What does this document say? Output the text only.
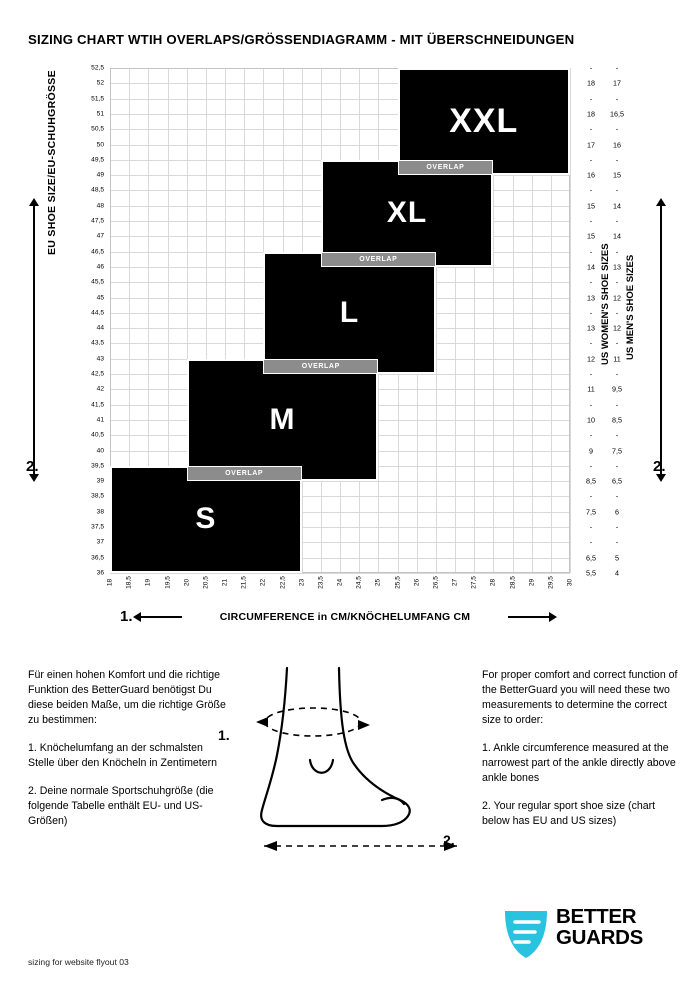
SIZING CHART WTIH OVERLAPS/GRÖSSENDIAGRAMM - MIT ÜBERSCHNEIDUNGEN
S
M
L
XL
XXL
OVERLAP
OVERLAP
OVERLAP
OVERLAP
52,5
52
51,5
51
50,5
50
49,5
49
48,5
48
47,5
47
46,5
46
45,5
45
44,5
44
43,5
43
42,5
42
41,5
41
40,5
40
39,5
39
38,5
38
37,5
37
36,5
36
18 18,5 19 19,5 20 20,5 21 21,5 22 22,5 23 23,5 24 24,5 25 25,5 26 26,5 27 27,5 28 28,5 29 29,5 30
-
18
-
18
-
17
-
16
-
15
-
15
-
14
-
13
-
13
-
12
-
11
-
10
-
9
-
8,5
-
7,5
-
-
6,5
5,5
-
17
-
16,5
-
16
-
15
-
14
-
14
-
13
-
12
-
12
-
11
-
9,5
-
8,5
-
7,5
-
6,5
-
6
-
-
5
4
EU SHOE SIZE/EU-SCHUHGRÖSSE
US WOMEN'S SHOE SIZES US MEN'S SHOE SIZES
2.	2.
CIRCUMFERENCE in CM/KNÖCHELUMFANG CM
1.

Für einen hohen Komfort und die richtige Funktion des BetterGuard benötigst Du diese beiden Maße, um die richtige Größe zu bestimmen:

1. Knöchelumfang an der schmalsten Stelle über den Knöcheln in Zentimetern

2. Deine normale Sportschuhgröße (die folgende Tabelle enthält EU- und US-Größen)

For proper comfort and correct function of the BetterGuard you will need these two measurements to determine the correct size to order:

1. Ankle circumference measured at the narrowest part of the ankle directly above ankle bones

2. Your regular sport shoe size (chart below has EU and US sizes)

1.
2.
sizing for website flyout 03
BETTER
GUARDS
